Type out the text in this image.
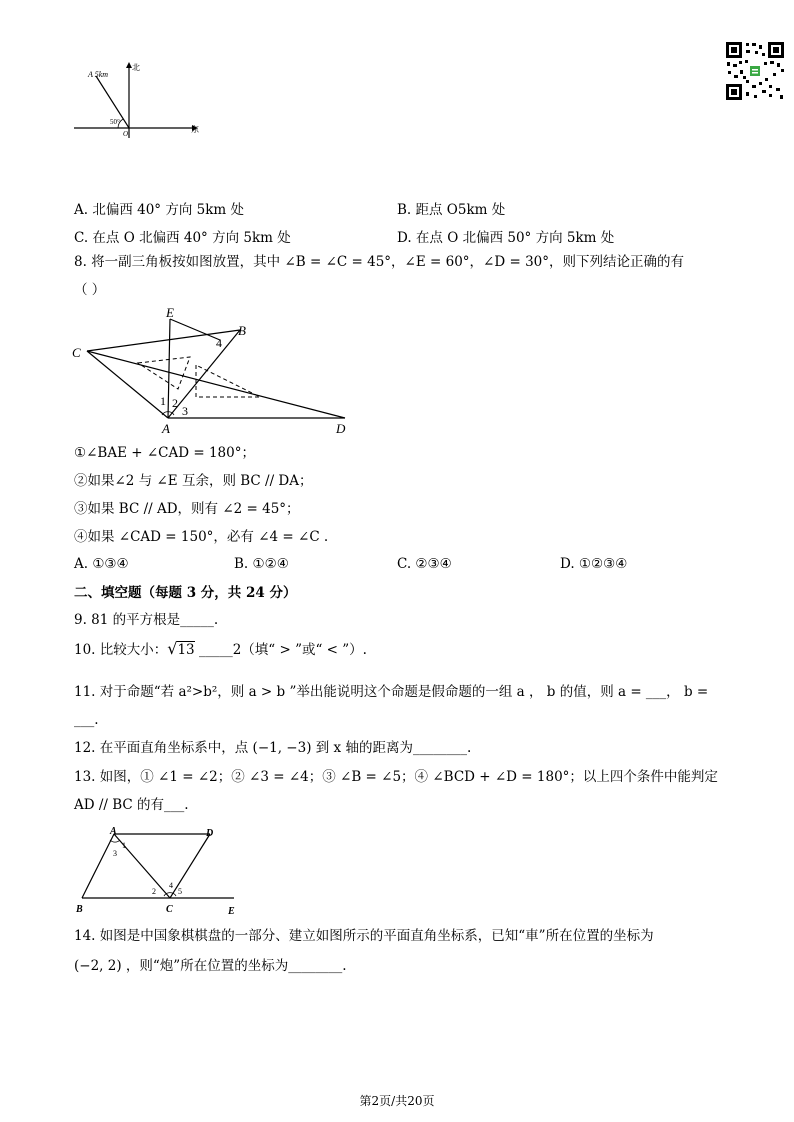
北
东
A 5km
50°
O
A. 北偏西 40° 方向 5km 处	B. 距点 O5km 处
C. 在点 O 北偏西 40° 方向 5km 处	D. 在点 O 北偏西 50° 方向 5km 处
8. 将一副三角板按如图放置，其中 ∠B = ∠C = 45°，∠E = 60°，∠D = 30°，则下列结论正确的有
（ ）
E
B
C
A	D
1 2
3
4
①∠BAE + ∠CAD = 180°；
②如果∠2 与 ∠E 互余，则 BC // DA；
③如果 BC // AD，则有 ∠2 = 45°；
④如果 ∠CAD = 150°，必有 ∠4 = ∠C .
A. ①③④	B. ①②④	C. ②③④	D. ①②③④
二、填空题（每题 3 分，共 24 分）
9. 81 的平方根是_____.
10. 比较大小：√13 _____2（填“ > ”或“ < ”）.
11. 对于命题“若 a²>b²，则 a > b ”举出能说明这个命题是假命题的一组 a ， b 的值，则 a = ___， b =
___.
12. 在平面直角坐标系中，点 (−1, −3) 到 x 轴的距离为________.
13. 如图，① ∠1 = ∠2；② ∠3 = ∠4；③ ∠B = ∠5；④ ∠BCD + ∠D = 180°；以上四个条件中能判定
AD // BC 的有___.
A	D
B	C	E
1
3
2
4
5
14. 如图是中国象棋棋盘的一部分、建立如图所示的平面直角坐标系，已知“車”所在位置的坐标为
(−2, 2) ，则“炮”所在位置的坐标为________.
第2页/共20页
